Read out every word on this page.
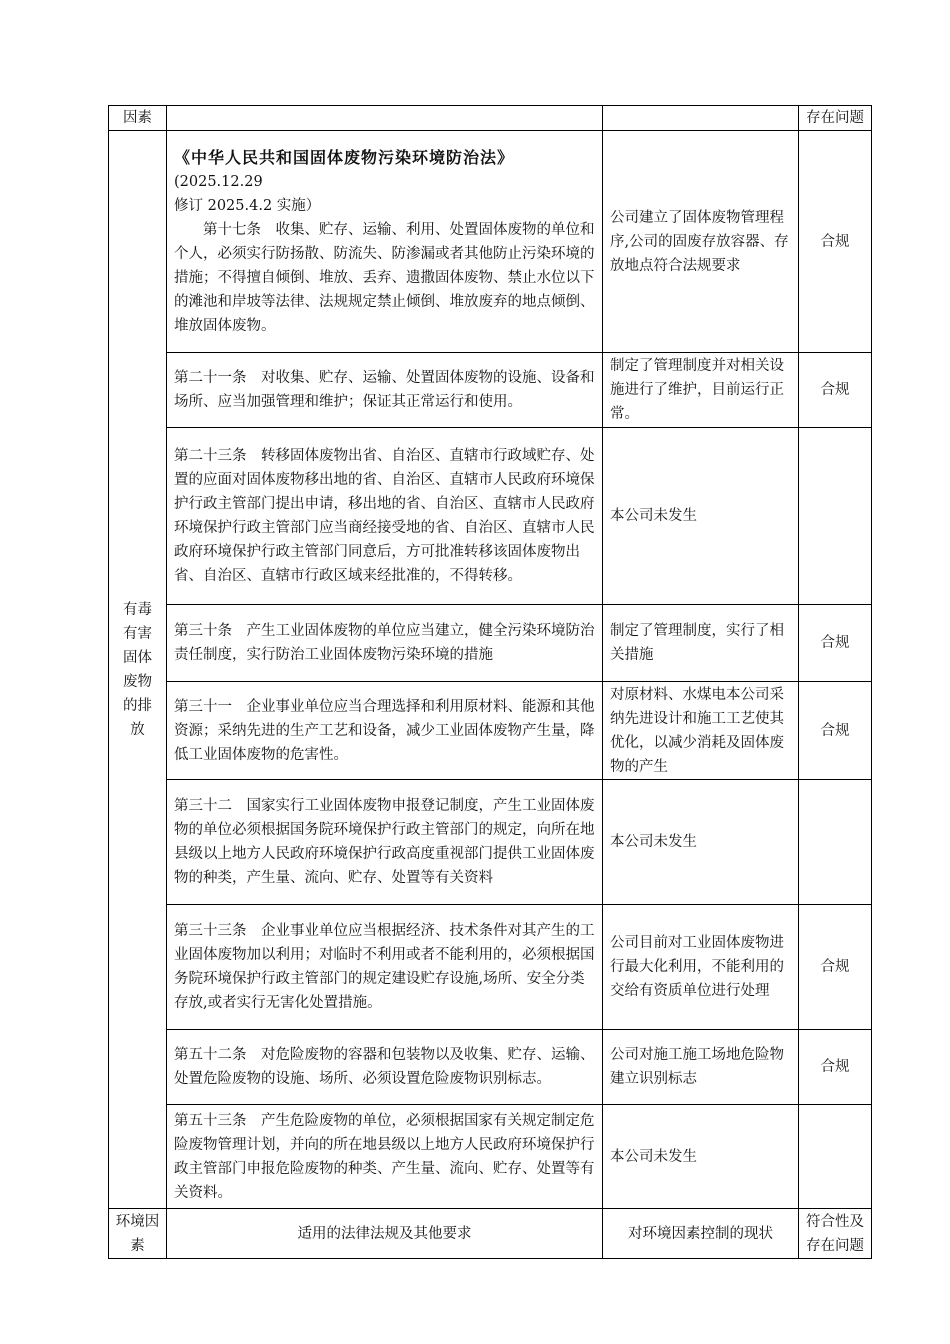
因素			存在问题

有毒有害固体废物的排放	《中华人民共和国固体废物污染环境防治法》
(2025.12.29
修订 2025.4.2 实施）
第十七条　收集、贮存、运输、利用、处置固体废物的单位和个人，必须实行防扬散、防流失、防渗漏或者其他防止污染环境的措施；不得擅自倾倒、堆放、丢弃、遗撒固体废物、禁止水位以下的滩池和岸坡等法律、法规规定禁止倾倒、堆放废弃的地点倾倒、堆放固体废物。	公司建立了固体废物管理程序,公司的固废存放容器、存放地点符合法规要求	合规
	第二十一条　对收集、贮存、运输、处置固体废物的设施、设备和场所、应当加强管理和维护；保证其正常运行和使用。	制定了管理制度并对相关设施进行了维护，目前运行正常。	合规
	第二十三条　转移固体废物出省、自治区、直辖市行政域贮存、处置的应面对固体废物移出地的省、自治区、直辖市人民政府环境保护行政主管部门提出申请，移出地的省、自治区、直辖市人民政府环境保护行政主管部门应当商经接受地的省、自治区、直辖市人民政府环境保护行政主管部门同意后，方可批准转移该固体废物出省、自治区、直辖市行政区域来经批准的，不得转移。	本公司未发生	
	第三十条　产生工业固体废物的单位应当建立，健全污染环境防治责任制度，实行防治工业固体废物污染环境的措施	制定了管理制度，实行了相关措施	合规
	第三十一　企业事业单位应当合理选择和利用原材料、能源和其他资源；采纳先进的生产工艺和设备，减少工业固体废物产生量，降低工业固体废物的危害性。	对原材料、水煤电本公司采纳先进设计和施工工艺使其优化，以减少消耗及固体废物的产生	合规
	第三十二　国家实行工业固体废物申报登记制度，产生工业固体废物的单位必须根据国务院环境保护行政主管部门的规定，向所在地县级以上地方人民政府环境保护行政高度重视部门提供工业固体废物的种类，产生量、流向、贮存、处置等有关资料	本公司未发生	
	第三十三条　企业事业单位应当根据经济、技术条件对其产生的工业固体废物加以利用；对临时不利用或者不能利用的，必须根据国务院环境保护行政主管部门的规定建设贮存设施,场所、安全分类存放,或者实行无害化处置措施。	公司目前对工业固体废物进行最大化利用，不能利用的交给有资质单位进行处理	合规
	第五十二条　对危险废物的容器和包装物以及收集、贮存、运输、处置危险废物的设施、场所、必须设置危险废物识别标志。	公司对施工施工场地危险物建立识别标志	合规
	第五十三条　产生危险废物的单位，必须根据国家有关规定制定危险废物管理计划，并向的所在地县级以上地方人民政府环境保护行政主管部门申报危险废物的种类、产生量、流向、贮存、处置等有关资料。	本公司未发生	
环境因素	适用的法律法规及其他要求	对环境因素控制的现状	符合性及存在问题
